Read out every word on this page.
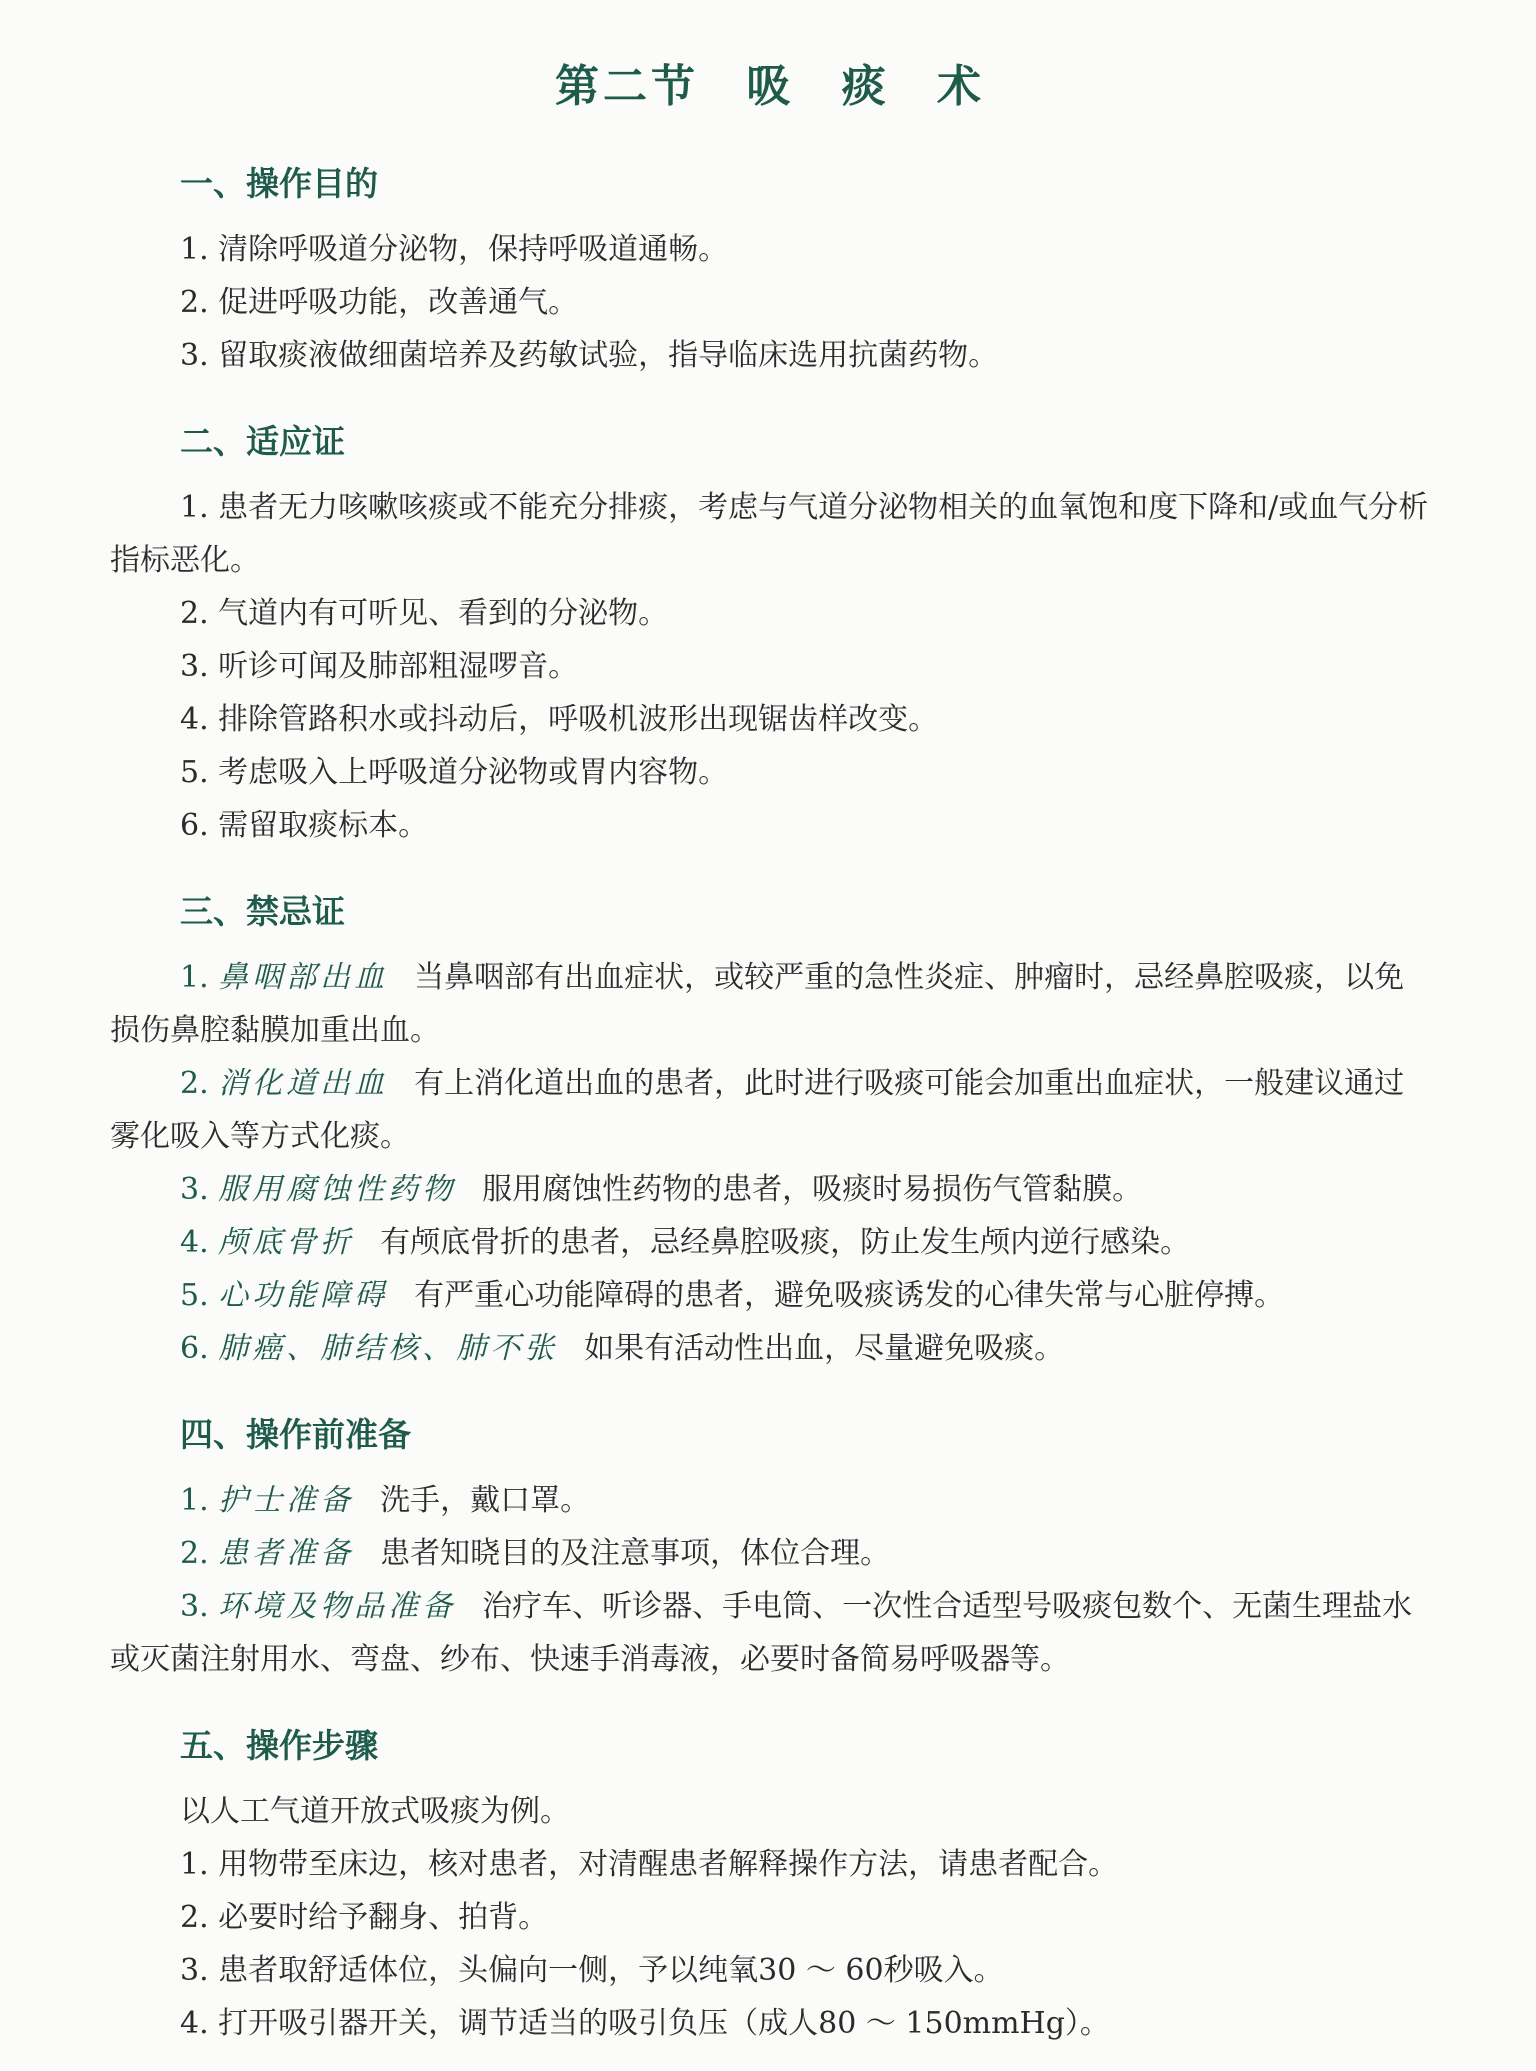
第二节 吸 痰 术
一、操作目的

1. 清除呼吸道分泌物，保持呼吸道通畅。

2. 促进呼吸功能，改善通气。

3. 留取痰液做细菌培养及药敏试验，指导临床选用抗菌药物。

二、适应证

1. 患者无力咳嗽咳痰或不能充分排痰，考虑与气道分泌物相关的血氧饱和度下降和/或血气分析指标恶化。

2. 气道内有可听见、看到的分泌物。

3. 听诊可闻及肺部粗湿啰音。

4. 排除管路积水或抖动后，呼吸机波形出现锯齿样改变。

5. 考虑吸入上呼吸道分泌物或胃内容物。

6. 需留取痰标本。

三、禁忌证

1. 鼻咽部出血 当鼻咽部有出血症状，或较严重的急性炎症、肿瘤时，忌经鼻腔吸痰，以免损伤鼻腔黏膜加重出血。

2. 消化道出血 有上消化道出血的患者，此时进行吸痰可能会加重出血症状，一般建议通过雾化吸入等方式化痰。

3. 服用腐蚀性药物 服用腐蚀性药物的患者，吸痰时易损伤气管黏膜。

4. 颅底骨折 有颅底骨折的患者，忌经鼻腔吸痰，防止发生颅内逆行感染。

5. 心功能障碍 有严重心功能障碍的患者，避免吸痰诱发的心律失常与心脏停搏。

6. 肺癌、肺结核、肺不张 如果有活动性出血，尽量避免吸痰。

四、操作前准备

1. 护士准备 洗手，戴口罩。

2. 患者准备 患者知晓目的及注意事项，体位合理。

3. 环境及物品准备 治疗车、听诊器、手电筒、一次性合适型号吸痰包数个、无菌生理盐水或灭菌注射用水、弯盘、纱布、快速手消毒液，必要时备简易呼吸器等。

五、操作步骤

以人工气道开放式吸痰为例。

1. 用物带至床边，核对患者，对清醒患者解释操作方法，请患者配合。

2. 必要时给予翻身、拍背。

3. 患者取舒适体位，头偏向一侧，予以纯氧30 ～ 60秒吸入。

4. 打开吸引器开关，调节适当的吸引负压（成人80 ～ 150mmHg）。
